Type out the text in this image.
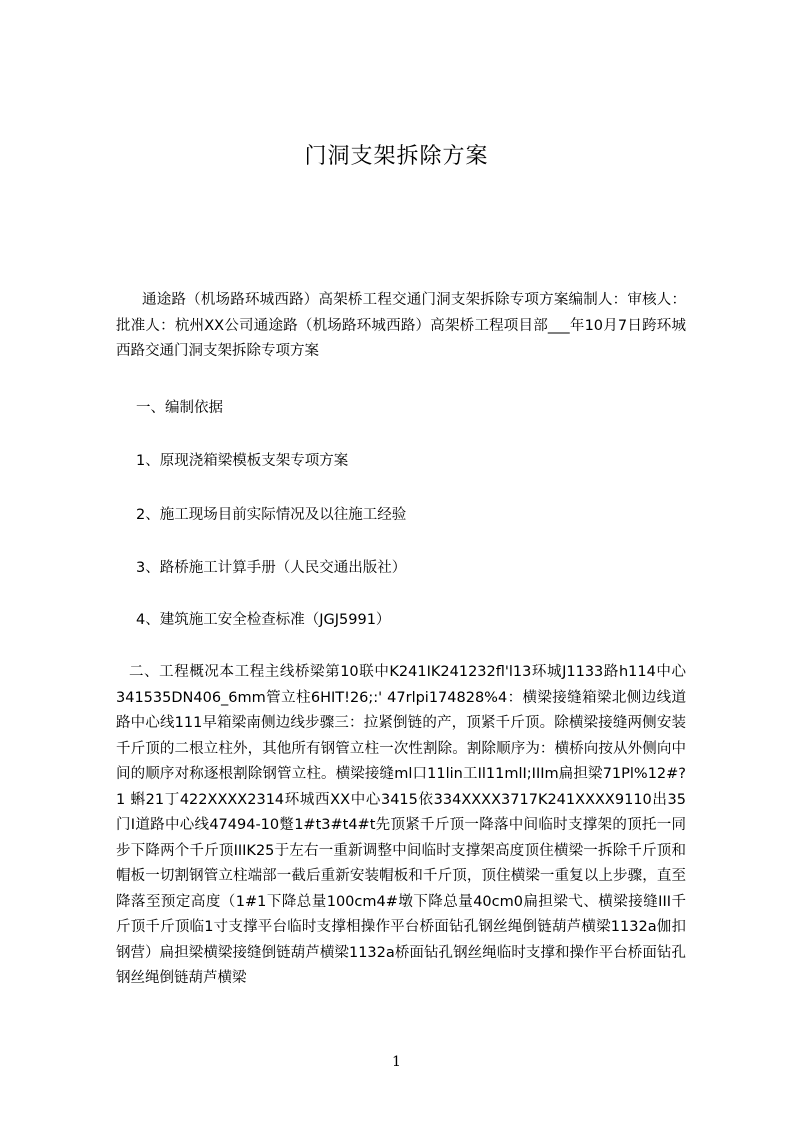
门洞支架拆除方案

通途路（机场路环城西路）高架桥工程交通门洞支架拆除专项方案编制人：审核人：批准人：杭州XX公司通途路（机场路环城西路）高架桥工程项目部___年10月7日跨环城西路交通门洞支架拆除专项方案

一、编制依据
1、原现浇箱梁模板支架专项方案
2、施工现场目前实际情况及以往施工经验
3、路桥施工计算手册（人民交通出版社）
4、建筑施工安全检查标准（JGJ5991）

二、工程概况本工程主线桥梁第10联中K241IK241232fl'l13环城J1133路h114中心341535DN406_6mm管立柱6HIT!26;:' 47rlpi174828%4：横梁接缝箱梁北侧边线道路中心线111早箱梁南侧边线步骤三：拉紧倒链的产，顶紧千斤顶。除横梁接缝两侧安装千斤顶的二根立柱外，其他所有钢管立柱一次性割除。割除顺序为：横桥向按从外侧向中间的顺序对称逐根割除钢管立柱。横梁接缝ml口11lin工Il11mlI;IIIm扁担梁71Pl%12#?1 蝌21丁422XXXX2314环城西XX中心3415依334XXXX3717K241XXXX9110出35门I道路中心线47494-10蹩1#t3#t4#t先顶紧千斤顶一降落中间临时支撑架的顶托一同步下降两个千斤顶IIIK25于左右一重新调整中间临时支撑架高度顶住横梁一拆除千斤顶和帽板一切割钢管立柱端部一截后重新安装帽板和千斤顶，顶住横梁一重复以上步骤，直至降落至预定高度（1#1下降总量100cm4#墩下降总量40cm0扁担梁弋、横梁接缝III千斤顶千斤顶临1寸支撑平台临时支撑相操作平台桥面钻孔钢丝绳倒链葫芦横梁1132a伽扣钢营）扁担梁横梁接缝倒链葫芦横梁1132a桥面钻孔钢丝绳临时支撑和操作平台桥面钻孔钢丝绳倒链葫芦横梁

1
